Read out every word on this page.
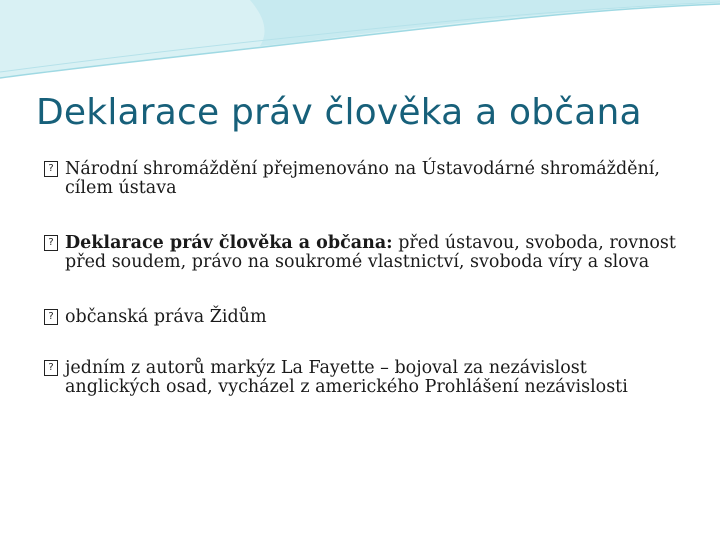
Deklarace práv člověka a občana
?
Národní shromáždění přejmenováno na Ústavodárné shromáždění, cílem ústava
?
Deklarace práv člověka a občana: před ústavou, svoboda, rovnost před soudem, právo na soukromé vlastnictví, svoboda víry a slova
?
občanská práva Židům
?
jedním z autorů markýz La Fayette – bojoval za nezávislost anglických osad, vycházel z amerického Prohlášení nezávislosti
